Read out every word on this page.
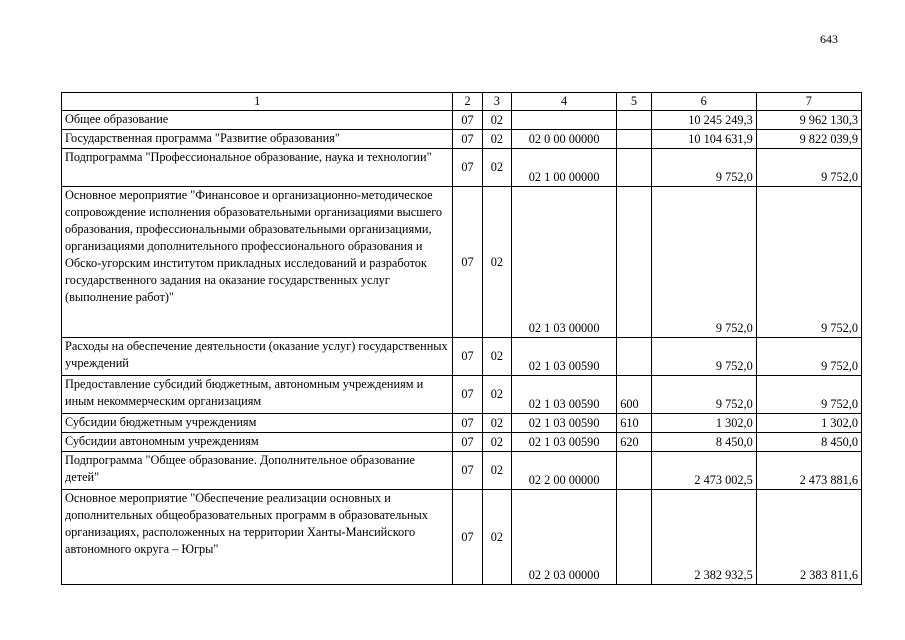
643
1	2	3	4	5	6	7
Общее образование	07	02			10 245 249,3	9 962 130,3
Государственная программа "Развитие образования"	07	02	02 0 00 00000		10 104 631,9	9 822 039,9
Подпрограмма "Профессиональное образование, наука и технологии"	07	02	02 1 00 00000		9 752,0	9 752,0
Основное мероприятие "Финансовое и организационно-методическое сопровождение исполнения образовательными организациями высшего образования, профессиональными образовательными организациями, организациями дополнительного профессионального образования и Обско-угорским институтом прикладных исследований и разработок государственного задания на оказание государственных услуг (выполнение работ)"	07	02	02 1 03 00000		9 752,0	9 752,0
Расходы на обеспечение деятельности (оказание услуг) государственных учреждений	07	02	02 1 03 00590		9 752,0	9 752,0
Предоставление субсидий бюджетным, автономным учреждениям и иным некоммерческим организациям	07	02	02 1 03 00590	600	9 752,0	9 752,0
Субсидии бюджетным учреждениям	07	02	02 1 03 00590	610	1 302,0	1 302,0
Субсидии автономным учреждениям	07	02	02 1 03 00590	620	8 450,0	8 450,0
Подпрограмма "Общее образование. Дополнительное образование детей"	07	02	02 2 00 00000		2 473 002,5	2 473 881,6
Основное мероприятие "Обеспечение реализации основных и дополнительных общеобразовательных программ в образовательных организациях, расположенных на территории Ханты-Мансийского автономного округа – Югры"	07	02	02 2 03 00000		2 382 932,5	2 383 811,6
